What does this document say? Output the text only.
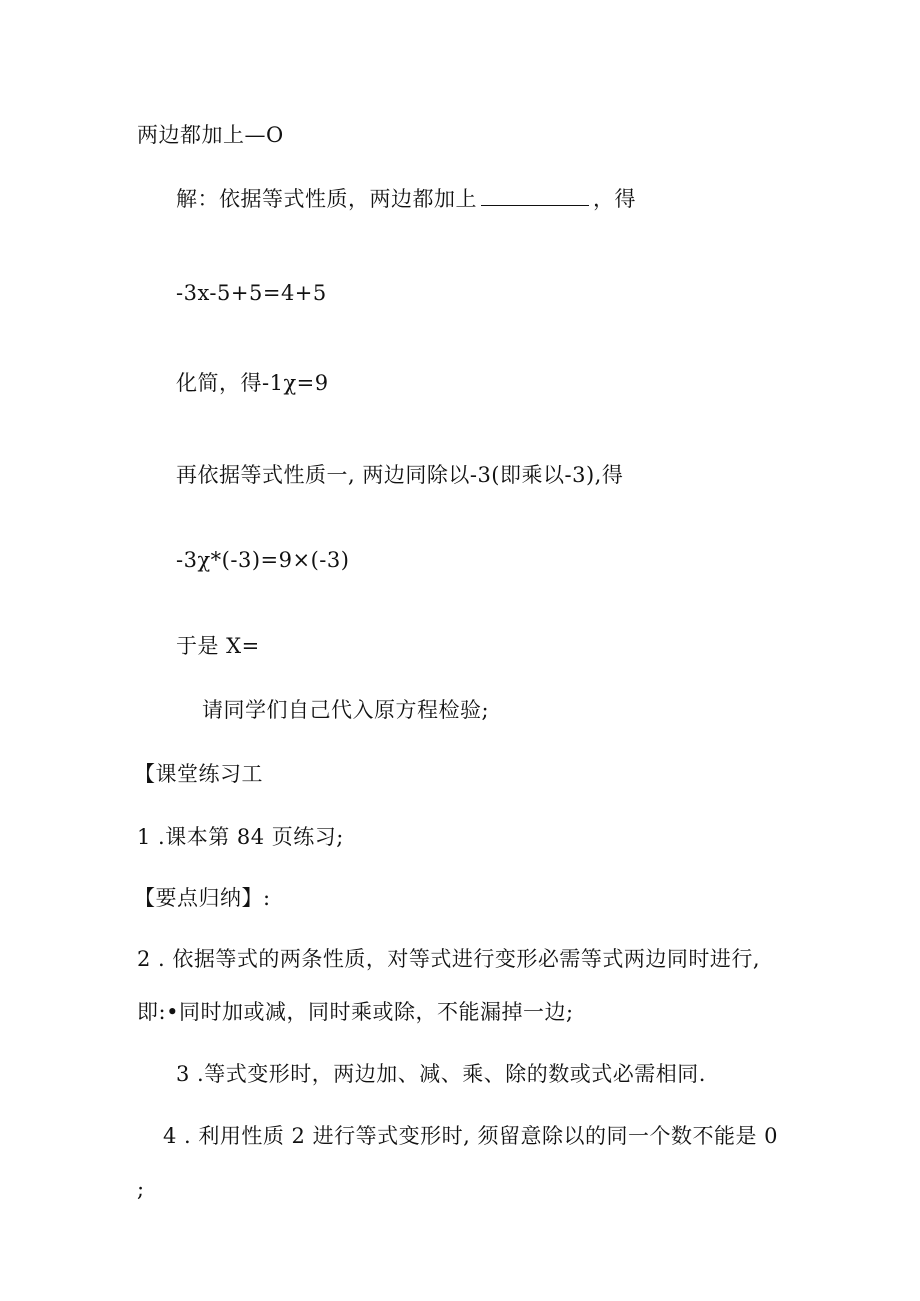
两边都加上—O
解：依据等式性质，两边都加上	，得
-3x-5+5=4+5
化简，得-1χ=9
再依据等式性质一, 两边同除以-3(即乘以-3),得
-3χ*(-3)=9×(-3)
于是 X=
请同学们自己代入原方程检验;
【课堂练习工
1 .课本第 84 页练习;
【要点归纳】:
2 . 依据等式的两条性质，对等式进行变形必需等式两边同时进行,
即:•同时加或减，同时乘或除，不能漏掉一边;
3 .等式变形时，两边加、减、乘、除的数或式必需相同.
4 . 利用性质 2 进行等式变形时, 须留意除以的同一个数不能是 0
;
